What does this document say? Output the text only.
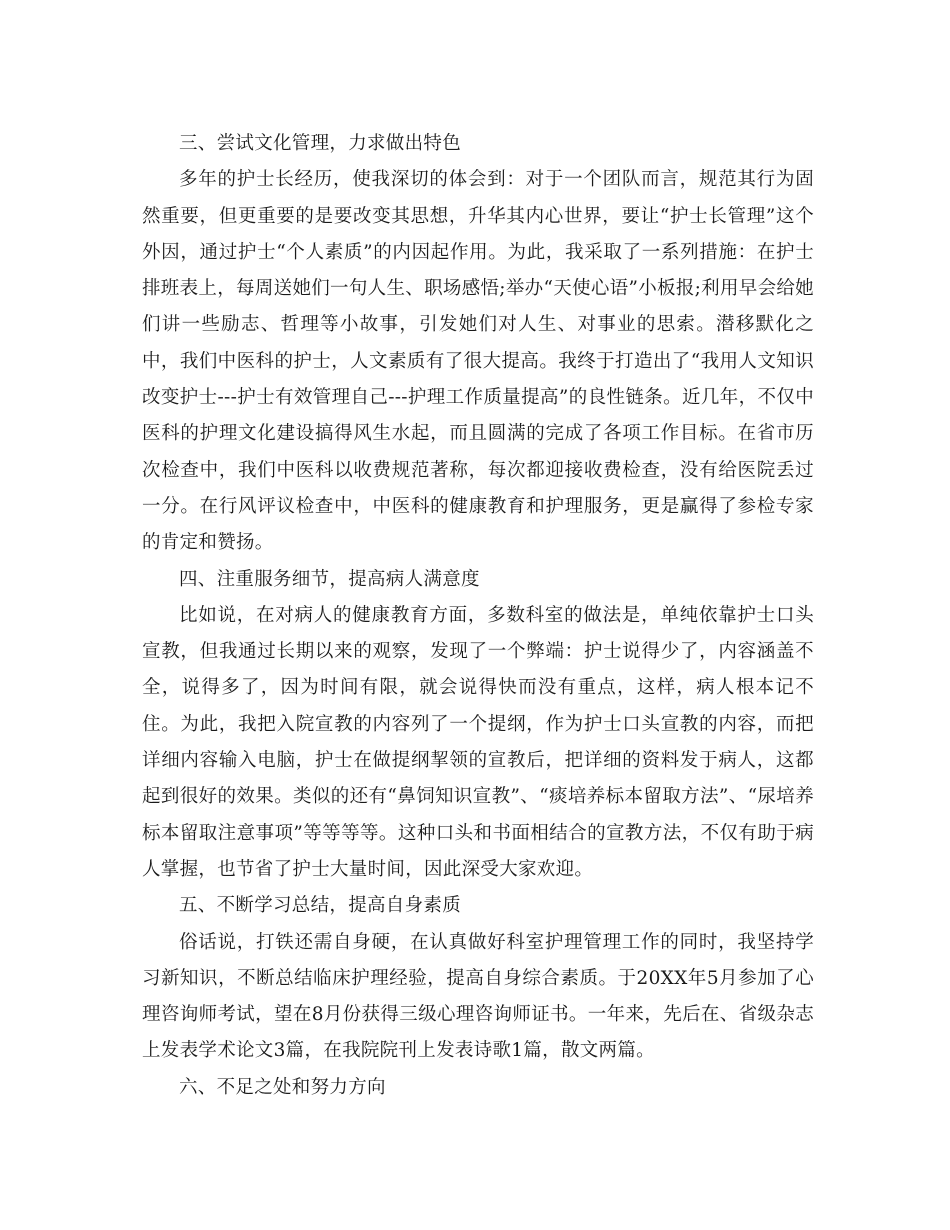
三、尝试文化管理，力求做出特色

多年的护士长经历，使我深切的体会到：对于一个团队而言，规范其行为固然重要，但更重要的是要改变其思想，升华其内心世界，要让“护士长管理”这个外因，通过护士“个人素质”的内因起作用。为此，我采取了一系列措施：在护士排班表上，每周送她们一句人生、职场感悟;举办“天使心语”小板报;利用早会给她们讲一些励志、哲理等小故事，引发她们对人生、对事业的思索。潜移默化之中，我们中医科的护士，人文素质有了很大提高。我终于打造出了“我用人文知识改变护士---护士有效管理自己---护理工作质量提高”的良性链条。近几年，不仅中医科的护理文化建设搞得风生水起，而且圆满的完成了各项工作目标。在省市历次检查中，我们中医科以收费规范著称，每次都迎接收费检查，没有给医院丢过一分。在行风评议检查中，中医科的健康教育和护理服务，更是赢得了参检专家的肯定和赞扬。

四、注重服务细节，提高病人满意度

比如说，在对病人的健康教育方面，多数科室的做法是，单纯依靠护士口头宣教，但我通过长期以来的观察，发现了一个弊端：护士说得少了，内容涵盖不全，说得多了，因为时间有限，就会说得快而没有重点，这样，病人根本记不住。为此，我把入院宣教的内容列了一个提纲，作为护士口头宣教的内容，而把详细内容输入电脑，护士在做提纲挈领的宣教后，把详细的资料发于病人，这都起到很好的效果。类似的还有“鼻饲知识宣教”、“痰培养标本留取方法”、“尿培养标本留取注意事项”等等等等。这种口头和书面相结合的宣教方法，不仅有助于病人掌握，也节省了护士大量时间，因此深受大家欢迎。

五、不断学习总结，提高自身素质

俗话说，打铁还需自身硬，在认真做好科室护理管理工作的同时，我坚持学习新知识，不断总结临床护理经验，提高自身综合素质。于20XX年5月参加了心理咨询师考试，望在8月份获得三级心理咨询师证书。一年来，先后在、省级杂志上发表学术论文3篇，在我院院刊上发表诗歌1篇，散文两篇。

六、不足之处和努力方向
